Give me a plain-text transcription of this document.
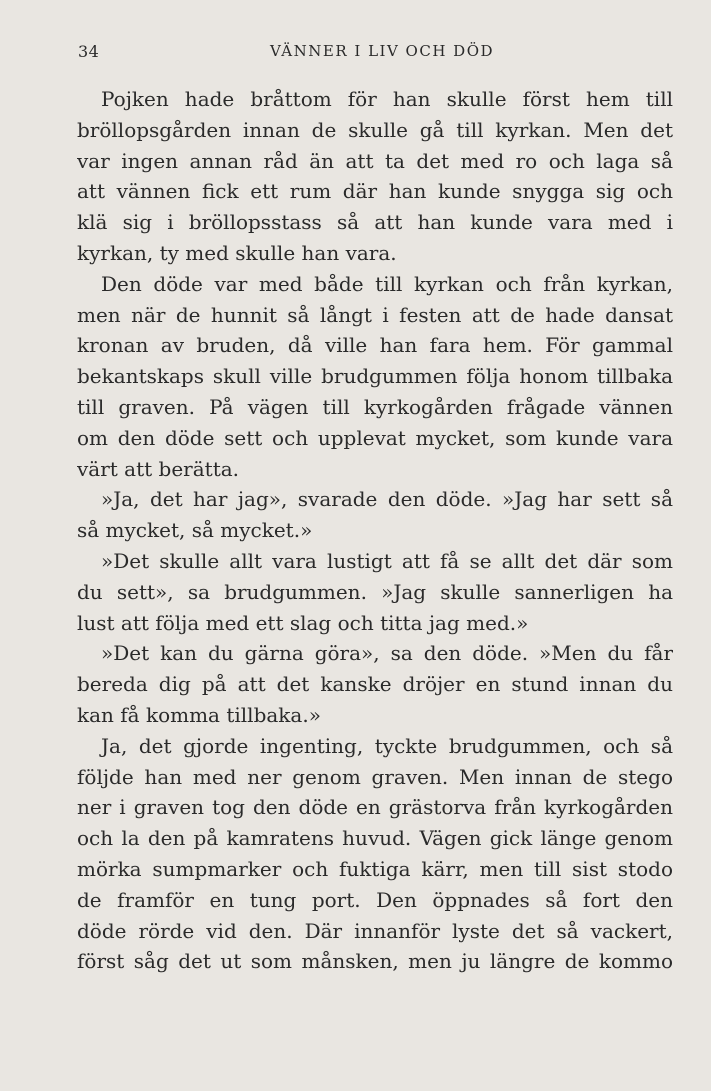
34	VÄNNER I LIV OCH DÖD
Pojken hade bråttom för han skulle först hem till
bröllopsgården innan de skulle gå till kyrkan. Men det
var ingen annan råd än att ta det med ro och laga så
att vännen fick ett rum där han kunde snygga sig och
klä sig i bröllopsstass så att han kunde vara med i
kyrkan, ty med skulle han vara.
Den döde var med både till kyrkan och från kyrkan,
men när de hunnit så långt i festen att de hade dansat
kronan av bruden, då ville han fara hem. För gammal
bekantskaps skull ville brudgummen följa honom tillbaka
till graven. På vägen till kyrkogården frågade vännen
om den döde sett och upplevat mycket, som kunde vara
värt att berätta.
»Ja, det har jag», svarade den döde. »Jag har sett så
så mycket, så mycket.»
»Det skulle allt vara lustigt att få se allt det där som
du sett», sa brudgummen. »Jag skulle sannerligen ha
lust att följa med ett slag och titta jag med.»
»Det kan du gärna göra», sa den döde. »Men du får
bereda dig på att det kanske dröjer en stund innan du
kan få komma tillbaka.»
Ja, det gjorde ingenting, tyckte brudgummen, och så
följde han med ner genom graven. Men innan de stego
ner i graven tog den döde en grästorva från kyrkogården
och la den på kamratens huvud. Vägen gick länge genom
mörka sumpmarker och fuktiga kärr, men till sist stodo
de framför en tung port. Den öppnades så fort den
döde rörde vid den. Där innanför lyste det så vackert,
först såg det ut som månsken, men ju längre de kommo
